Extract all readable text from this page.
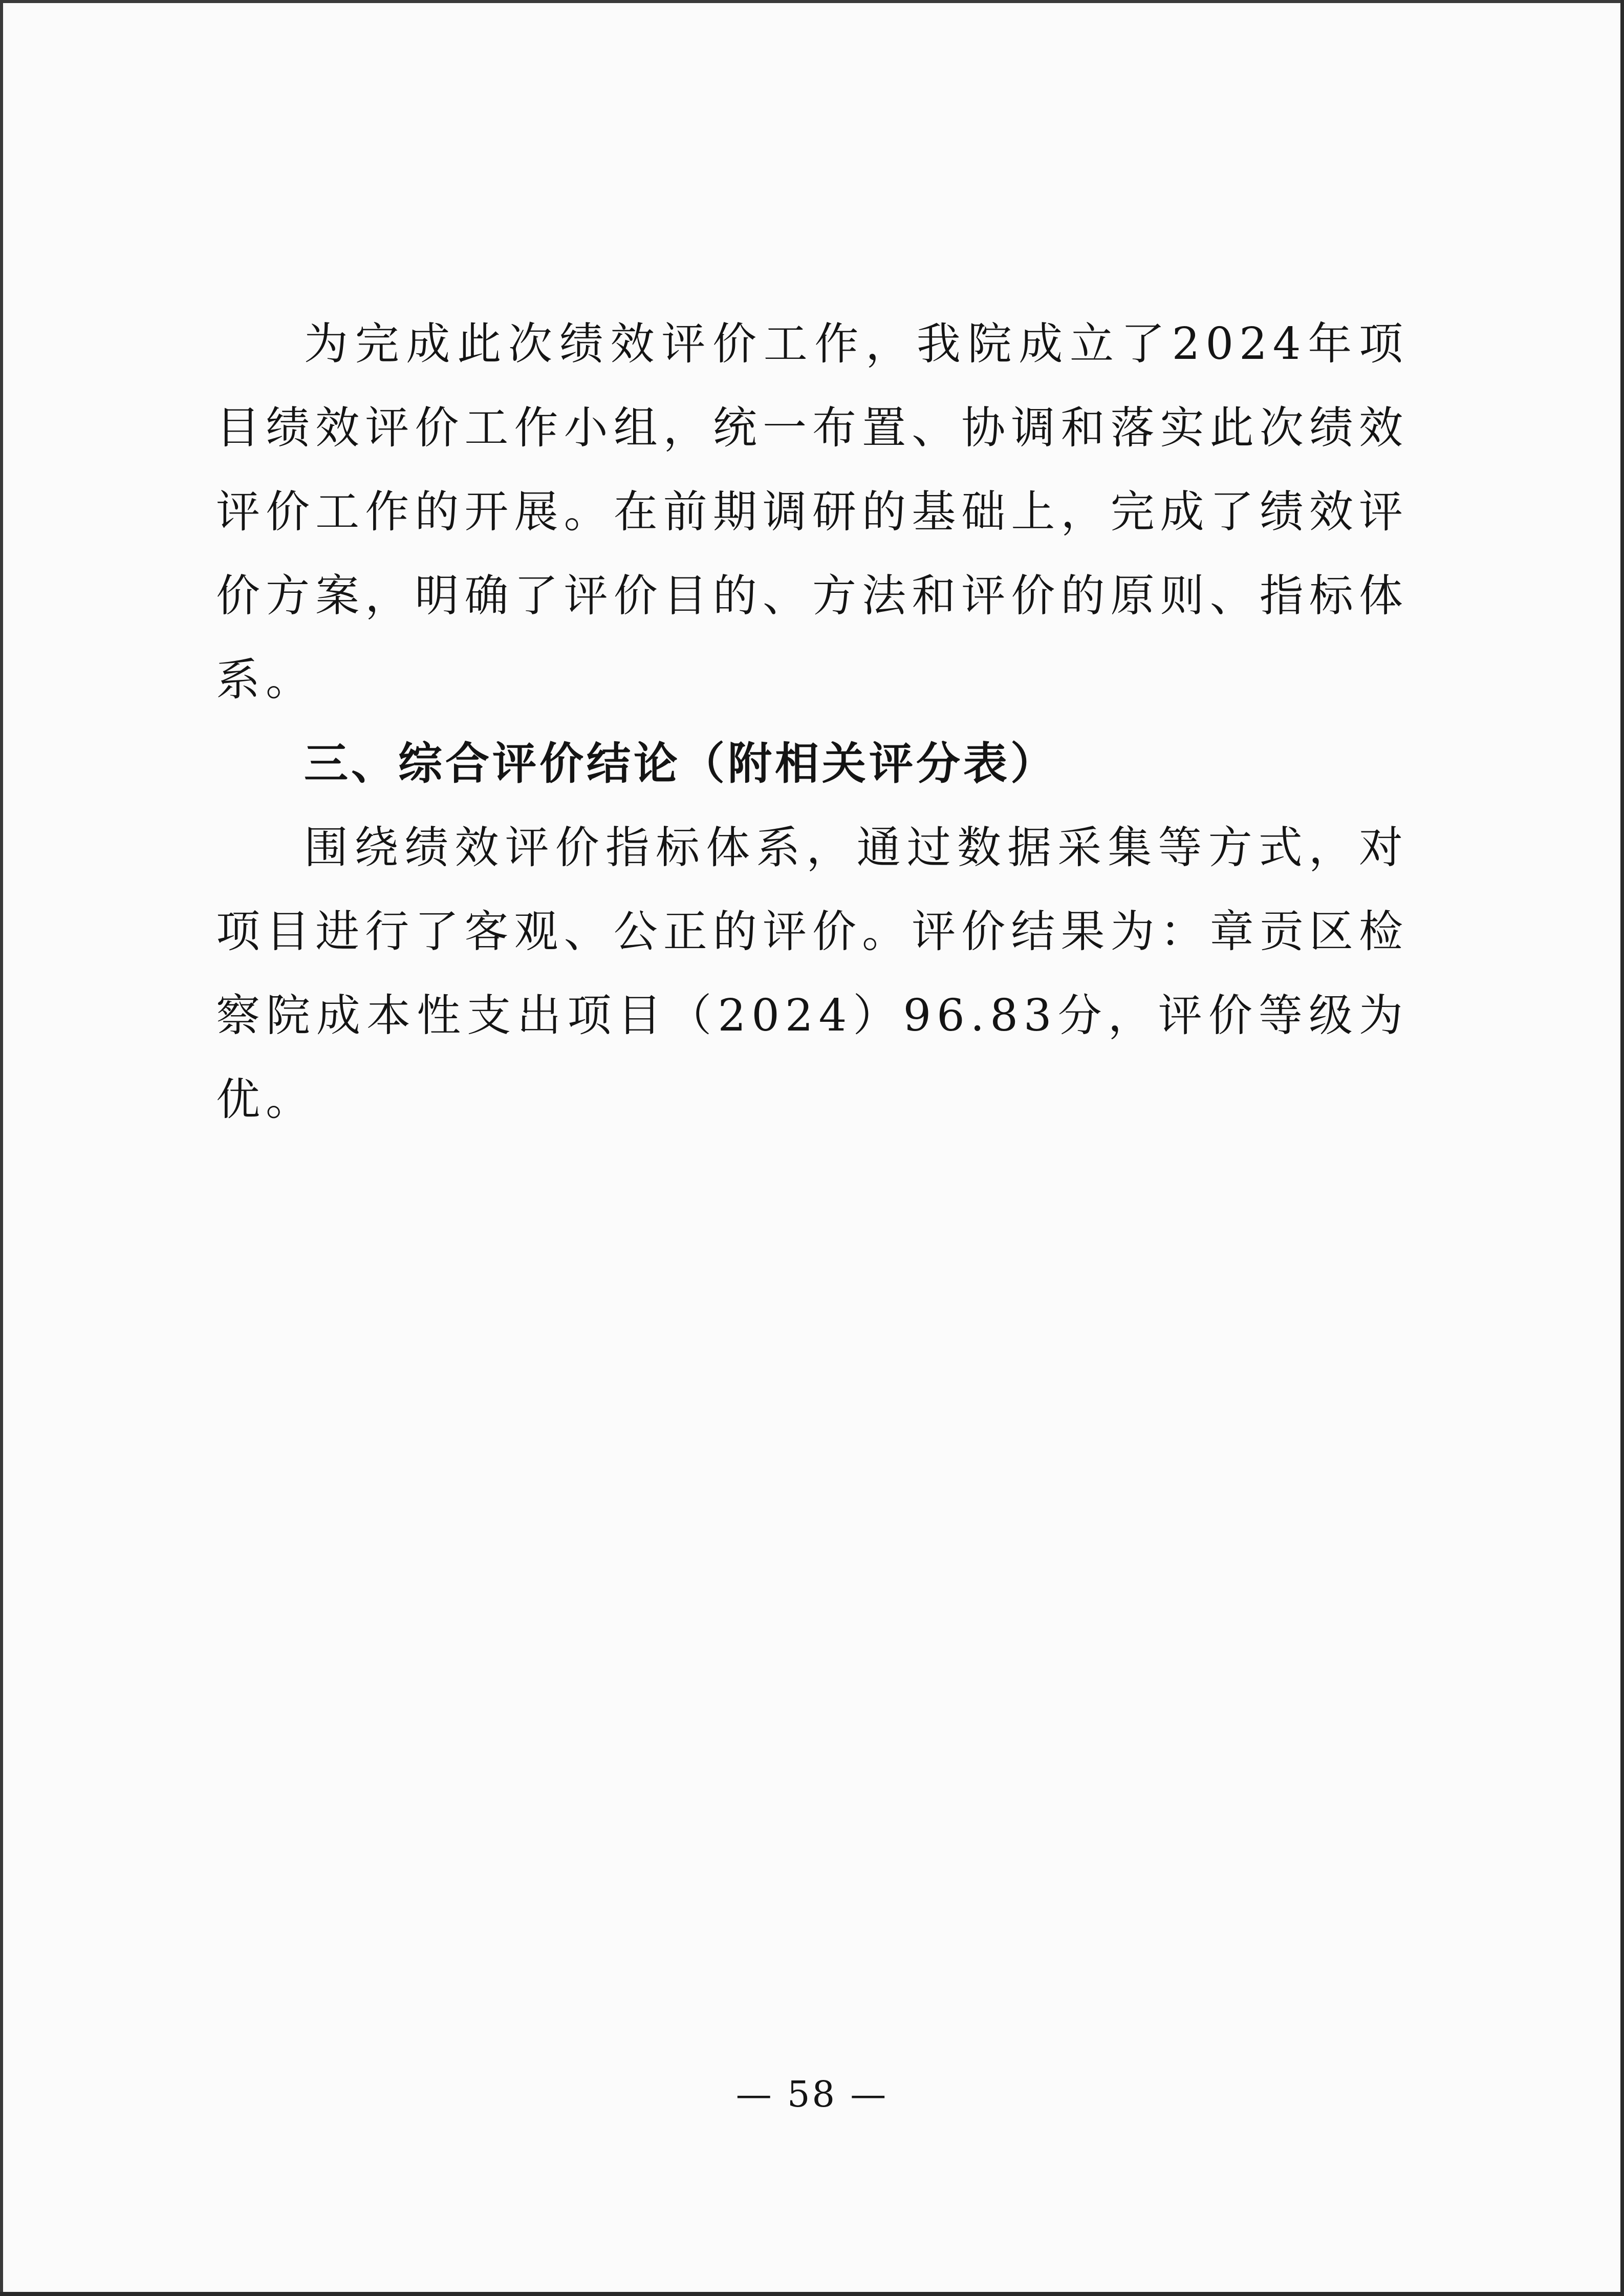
为完成此次绩效评价工作，我院成立了2024年项目绩效评价工作小组，统一布置、协调和落实此次绩效评价工作的开展。在前期调研的基础上，完成了绩效评价方案，明确了评价目的、方法和评价的原则、指标体系。

三、综合评价结论（附相关评分表）

围绕绩效评价指标体系，通过数据采集等方式，对项目进行了客观、公正的评价。评价结果为：章贡区检察院成本性支出项目（2024）96.83分，评价等级为优。

— 58 —
